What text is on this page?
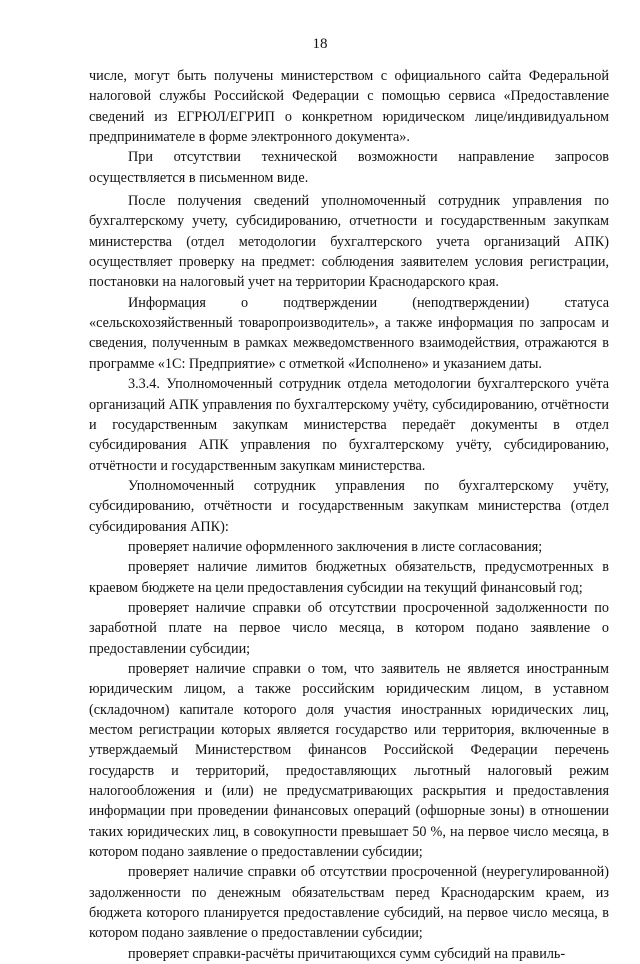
18

числе, могут быть получены министерством с официального сайта Федеральной налоговой службы Российской Федерации с помощью сервиса «Предоставление сведений из ЕГРЮЛ/ЕГРИП о конкретном юридическом лице/индивидуальном предпринимателе в форме электронного документа».

При отсутствии технической возможности направление запросов осуществляется в письменном виде.

После получения сведений уполномоченный сотрудник управления по бухгалтерскому учету, субсидированию, отчетности и государственным закупкам министерства (отдел методологии бухгалтерского учета организаций АПК) осуществляет проверку на предмет: соблюдения заявителем условия регистрации, постановки на налоговый учет на территории Краснодарского края.

Информация о подтверждении (неподтверждении) статуса «сельскохозяйственный товаропроизводитель», а также информация по запросам и сведения, полученным в рамках межведомственного взаимодействия, отражаются в программе «1С: Предприятие» с отметкой «Исполнено» и указанием даты.

3.3.4. Уполномоченный сотрудник отдела методологии бухгалтерского учёта организаций АПК управления по бухгалтерскому учёту, субсидированию, отчётности и государственным закупкам министерства передаёт документы в отдел субсидирования АПК управления по бухгалтерскому учёту, субсидированию, отчётности и государственным закупкам министерства.

Уполномоченный сотрудник управления по бухгалтерскому учёту, субсидированию, отчётности и государственным закупкам министерства (отдел субсидирования АПК):

проверяет наличие оформленного заключения в листе согласования;

проверяет наличие лимитов бюджетных обязательств, предусмотренных в краевом бюджете на цели предоставления субсидии на текущий финансовый год;

проверяет наличие справки об отсутствии просроченной задолженности по заработной плате на первое число месяца, в котором подано заявление о предоставлении субсидии;

проверяет наличие справки о том, что заявитель не является иностранным юридическим лицом, а также российским юридическим лицом, в уставном (складочном) капитале которого доля участия иностранных юридических лиц, местом регистрации которых является государство или территория, включенные в утверждаемый Министерством финансов Российской Федерации перечень государств и территорий, предоставляющих льготный налоговый режим налогообложения и (или) не предусматривающих раскрытия и предоставления информации при проведении финансовых операций (офшорные зоны) в отношении таких юридических лиц, в совокупности превышает 50 %, на первое число месяца, в котором подано заявление о предоставлении субсидии;

проверяет наличие справки об отсутствии просроченной (неурегулированной) задолженности по денежным обязательствам перед Краснодарским краем, из бюджета которого планируется предоставление субсидий, на первое число месяца, в котором подано заявление о предоставлении субсидии;

проверяет справки-расчёты причитающихся сумм субсидий на правиль-
